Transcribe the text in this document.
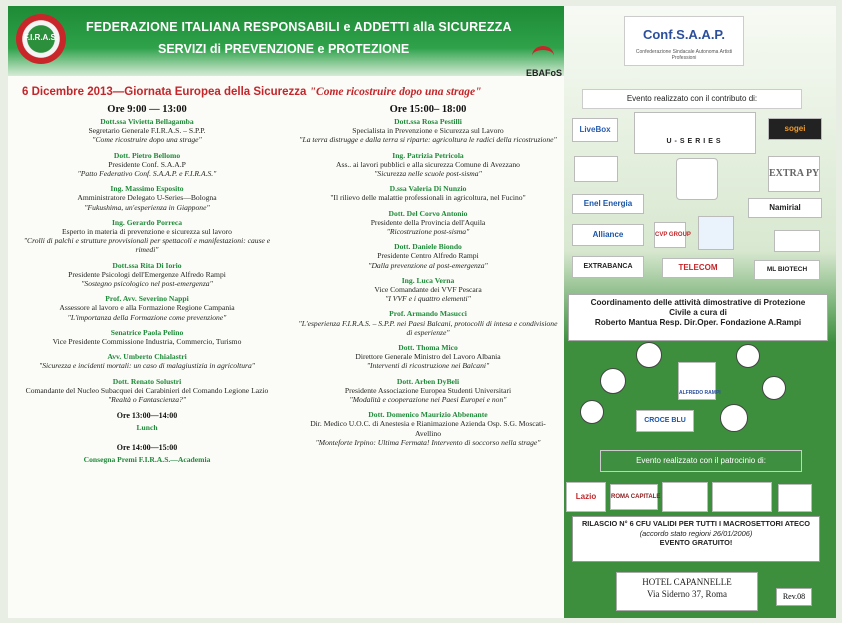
F.I.R.A.S.
FEDERAZIONE ITALIANA RESPONSABILI e ADDETTI alla SICUREZZA
SERVIZI di PREVENZIONE e PROTEZIONE
EBAFoS
6 Dicembre 2013—Giornata Europea della Sicurezza "Come ricostruire dopo una strage"
Ore 9:00 — 13:00
Dott.ssa Vivietta Bellagamba
Segretario Generale F.I.R.A.S. – S.P.P.
"Come ricostruire dopo una strage"
Dott. Pietro Bellomo
Presidente Conf. S.A.A.P
"Patto Federativo Conf. S.A.A.P. e F.I.R.A.S."
Ing. Massimo Esposito
Amministratore Delegato U-Series—Bologna
"Fukushima, un'esperienza in Giappone"
Ing. Gerardo Porreca
Esperto in materia di prevenzione e sicurezza sul lavoro
"Crolli di palchi e strutture provvisionali per spettacoli e manifestazioni: cause e rimedi"
Dott.ssa Rita Di Iorio
Presidente Psicologi dell'Emergenze Alfredo Rampi
"Sostegno psicologico nel post-emergenza"
Prof. Avv. Severino Nappi
Assessore al lavoro e alla Formazione Regione Campania
"L'importanza della Formazione come prevenzione"
Senatrice Paola Pelino
Vice Presidente Commissione Industria, Commercio, Turismo
Avv. Umberto Chialastri
"Sicurezza e incidenti mortali: un caso di malagiustizia in agricoltura"
Dott. Renato Solustri
Comandante del Nucleo Subacquei dei Carabinieri del Comando Legione Lazio
"Realtà o Fantascienza?"
Ore 13:00—14:00
Lunch
Ore 14:00—15:00
Consegna Premi F.I.R.A.S.—Academia
Ore 15:00– 18:00
Dott.ssa Rosa Pestilli
Specialista in Prevenzione e Sicurezza sul Lavoro
"La terra distrugge e dalla terra si riparte: agricoltura le radici della ricostruzione"
Ing. Patrizia Petricola
Ass.. ai lavori pubblici e alla sicurezza Comune di Avezzano
"Sicurezza nelle scuole post-sisma"
D.ssa Valeria Di Nunzio
"Il rilievo delle malattie professionali in agricoltura, nel Fucino"
Dott. Del Corvo Antonio
Presidente della Provincia dell'Aquila
"Ricostruzione post-sisma"
Dott. Daniele Biondo
Presidente Centro Alfredo Rampi
"Dalla prevenzione al post-emergenza"
Ing. Luca Verna
Vice Comandante dei VVF Pescara
"I VVF e i quattro elementi"
Prof. Armando Masucci
"L'esperienza F.I.R.A.S. – S.P.P. nei Paesi Balcani, protocolli di intesa e condivisione di esperienze"
Dott. Thoma Mico
Direttore Generale Ministro del Lavoro Albania
"Interventi di ricostruzione nei Balcani"
Dott. Arben DyBeli
Presidente Associazione Europea Studenti Universitari
"Modalità e cooperazione nei Paesi Europei e non"
Dott. Domenico Maurizio Abbenante
Dir. Medico U.O.C. di Anestesia e Rianimazione Azienda Osp. S.G. Moscati-Avellino
"Monteforte Irpino: Ultima Fermata! Intervento di soccorso nella strage"
Conf.S.A.A.P.
Confederazione Sindacale Autonoma Artisti Professioni
Evento realizzato con il contributo di:
LiveBox
U-SERIES
sogei
EXTRA PY
Enel Energia	Namirial
Alliance	CVP GROUP
EXTRABANCA	TELECOM	ML BIOTECH
Coordinamento delle attività dimostrative di Protezione
Civile a cura di
Roberto Mantua Resp. Dir.Oper. Fondazione A.Rampi
ALFREDO RAMPI
CROCE BLU
Evento realizzato con il patrocinio di:
Lazio	ROMA CAPITALE
RILASCIO N° 6 CFU VALIDI PER TUTTI I MACROSETTORI ATECO
(accordo stato regioni 26/01/2006)
EVENTO GRATUITO!
HOTEL CAPANNELLE
Via Siderno 37, Roma	Rev.08
